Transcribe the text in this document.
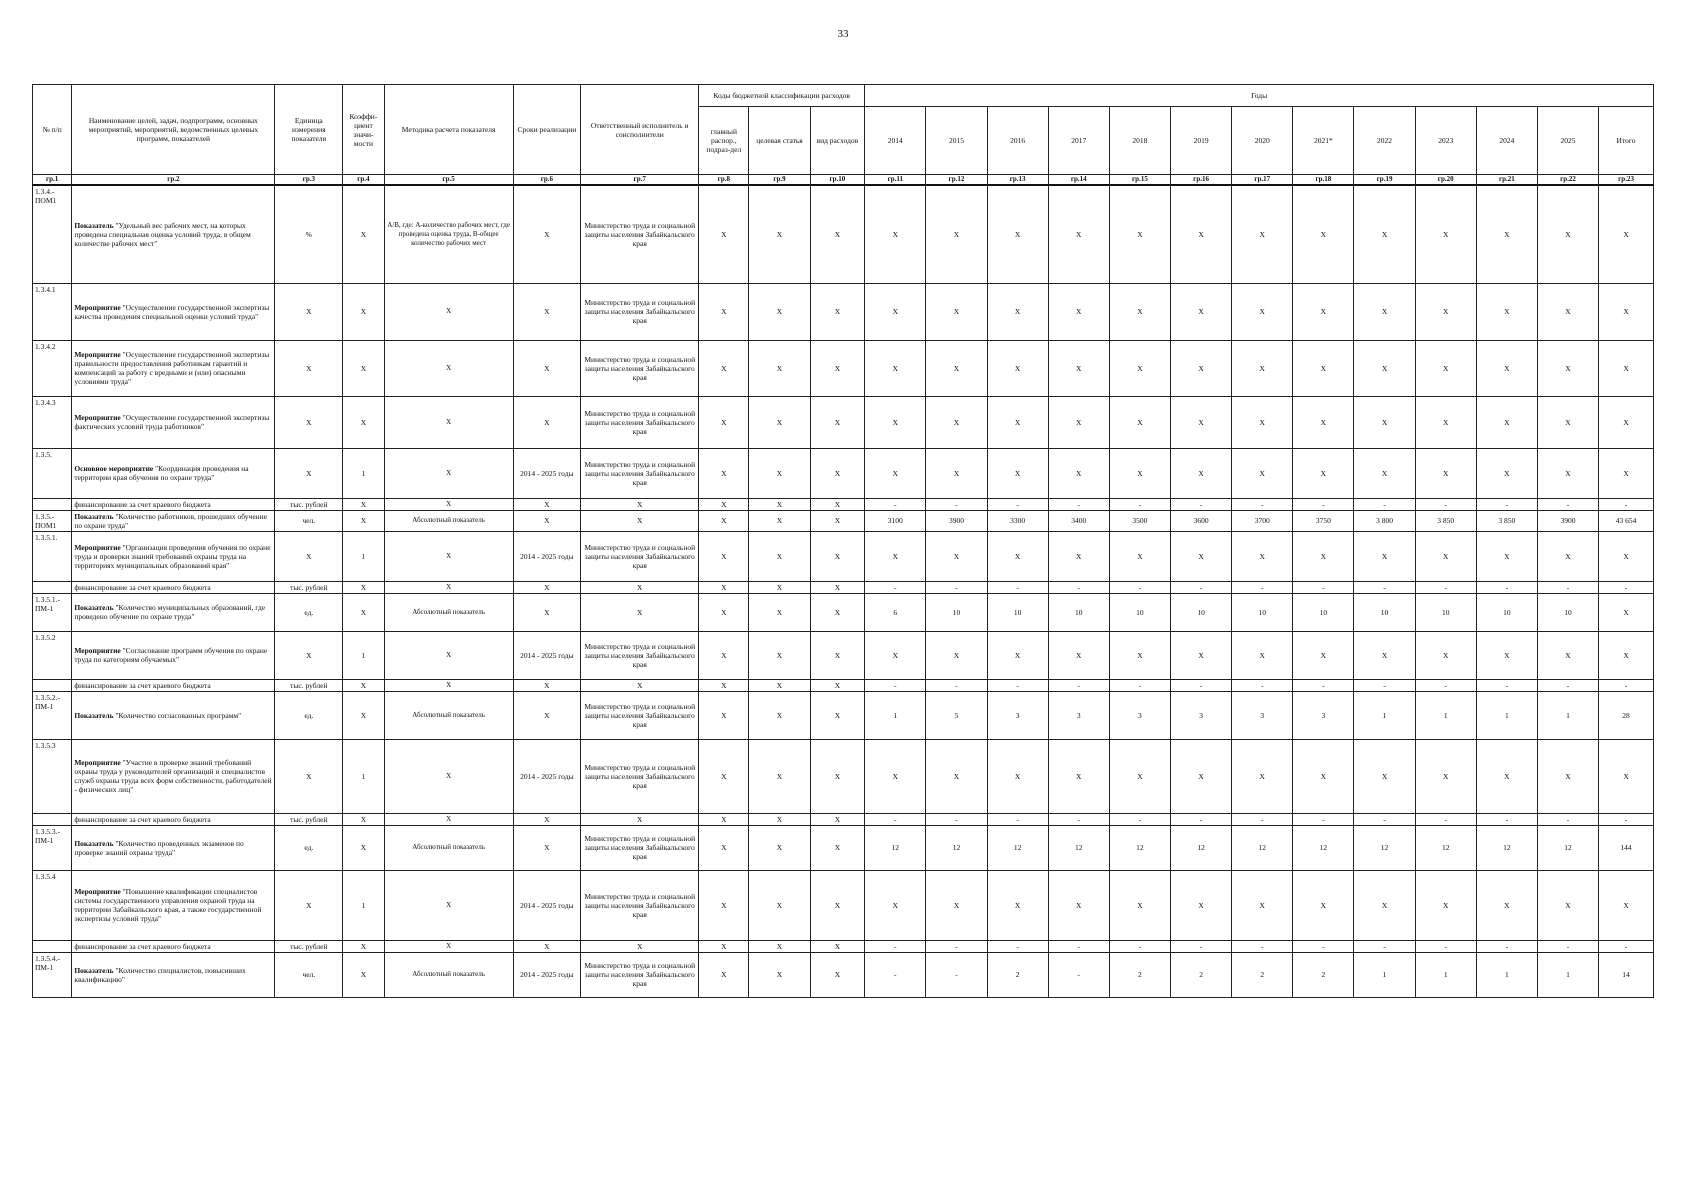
33
№ п/п	Наименование целей, задач, подпрограмм, основных мероприятий, мероприятий, ведомственных целевых программ, показателей	Единица измерения показателя	Коэффи-циент значи-мости	Методика расчета показателя	Сроки реализации	Ответственный исполнитель и соисполнители	Коды бюджетной классификации расходов			Годы												
							главный распор., подраз-дел	целевая статья	вид расходов	2014	2015	2016	2017	2018	2019	2020	2021*	2022	2023	2024	2025	Итого
гр.1	гр.2	гр.3	гр.4	гр.5	гр.6	гр.7	гр.8	гр.9	гр.10	гр.11	гр.12	гр.13	гр.14	гр.15	гр.16	гр.17	гр.18	гр.19	гр.20	гр.21	гр.22	гр.23
1.3.4.-ПОМ1	Показатель "Удельный вес рабочих мест, на которых проведена специальная оценка условий труда, в общем количестве рабочих мест"	%	X	А/В, где: А-количество рабочих мест, где проведена оценка труда, В-общее количество рабочих мест	X	Министерство труда и социальной защиты населения Забайкальского края	X	X	X	X	X	X	X	X	X	X	X	X	X	X	X	X
1.3.4.1	Мероприятие "Осуществление государственной экспертизы качества проведения специальной оценки условий труда"	X	X	X	X	Министерство труда и социальной защиты населения Забайкальского края	X	X	X	X	X	X	X	X	X	X	X	X	X	X	X	X
1.3.4.2	Мероприятие "Осуществление государственной экспертизы правильности предоставления работникам гарантий и компенсаций за работу с вредными и (или) опасными условиями труда"	X	X	X	X	Министерство труда и социальной защиты населения Забайкальского края	X	X	X	X	X	X	X	X	X	X	X	X	X	X	X	X
1.3.4.3	Мероприятие "Осуществление государственной экспертизы фактических условий труда работников"	X	X	X	X	Министерство труда и социальной защиты населения Забайкальского края	X	X	X	X	X	X	X	X	X	X	X	X	X	X	X	X
1.3.5.	Основное мероприятие "Координация проведения на территории края обучения по охране труда"	X	1	X	2014 - 2025 годы	Министерство труда и социальной защиты населения Забайкальского края	X	X	X	X	X	X	X	X	X	X	X	X	X	X	X	X
	финансирование за счет краевого бюджета	тыс. рублей	X	X	X	X	X	X	X	-	-	-	-	-	-	-	-	-	-	-	-	-
1.3.5.-ПОМ1	Показатель "Количество работников, прошедших обучение по охране труда"	чел.	X	Абсолютный показатель	X	X	X	X	X	3100	3900	3300	3400	3500	3600	3700	3750	3 800	3 850	3 850	3900	43 654
1.3.5.1.	Мероприятие "Организация проведения обучения по охране труда и проверки знаний требований охраны труда на территориях муниципальных образований края"	X	1	X	2014 - 2025 годы	Министерство труда и социальной защиты населения Забайкальского края	X	X	X	X	X	X	X	X	X	X	X	X	X	X	X	X
	финансирование за счет краевого бюджета	тыс. рублей	X	X	X	X	X	X	X	-	-	-	-	-	-	-	-	-	-	-	-	-
1.3.5.1.-ПМ-1	Показатель "Количество муниципальных образований, где проведено обучение по охране труда"	ед.	X	Абсолютный показатель	X	X	X	X	X	6	10	10	10	10	10	10	10	10	10	10	10	X
1.3.5.2	Мероприятие "Согласование программ обучения по охране труда по категориям обучаемых"	X	1	X	2014 - 2025 годы	Министерство труда и социальной защиты населения Забайкальского края	X	X	X	X	X	X	X	X	X	X	X	X	X	X	X	X
	финансирование за счет краевого бюджета	тыс. рублей	X	X	X	X	X	X	X	-	-	-	-	-	-	-	-	-	-	-	-	-
1.3.5.2.-ПМ-1	Показатель "Количество согласованных программ"	ед.	X	Абсолютный показатель	X	Министерство труда и социальной защиты населения Забайкальского края	X	X	X	1	5	3	3	3	3	3	3	1	1	1	1	28
1.3.5.3	Мероприятие "Участие в проверке знаний требований охраны труда у руководителей организаций и специалистов служб охраны труда всех форм собственности, работодателей - физических лиц"	X	1	X	2014 - 2025 годы	Министерство труда и социальной защиты населения Забайкальского края	X	X	X	X	X	X	X	X	X	X	X	X	X	X	X	X
	финансирование за счет краевого бюджета	тыс. рублей	X	X	X	X	X	X	X	-	-	-	-	-	-	-	-	-	-	-	-	-
1.3.5.3.-ПМ-1	Показатель "Количество проведенных экзаменов по проверке знаний охраны труда"	ед.	X	Абсолютный показатель	X	Министерство труда и социальной защиты населения Забайкальского края	X	X	X	12	12	12	12	12	12	12	12	12	12	12	12	144
1.3.5.4	Мероприятие "Повышение квалификации специалистов системы государственного управления охраной труда на территории Забайкальского края, а также государственной экспертизы условий труда"	X	1	X	2014 - 2025 годы	Министерство труда и социальной защиты населения Забайкальского края	X	X	X	X	X	X	X	X	X	X	X	X	X	X	X	X
	финансирование за счет краевого бюджета	тыс. рублей	X	X	X	X	X	X	X	-	-	-	-	-	-	-	-	-	-	-	-	-
1.3.5.4.-ПМ-1	Показатель "Количество специалистов, повысивших квалификацию"	чел.	X	Абсолютный показатель	2014 - 2025 годы	Министерство труда и социальной защиты населения Забайкальского края	X	X	X	-	-	2	-	2	2	2	2	1	1	1	1	14
